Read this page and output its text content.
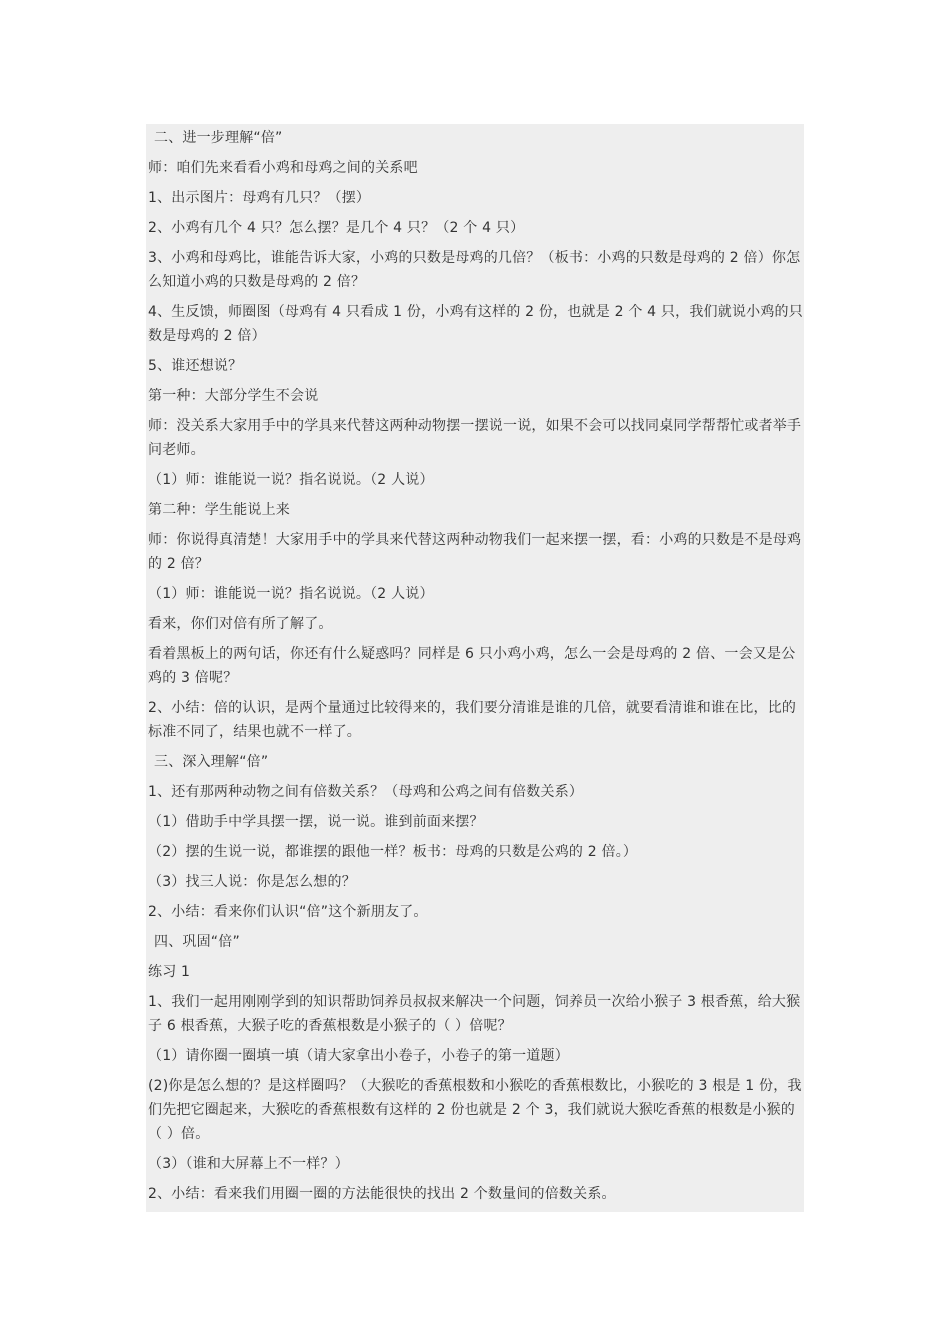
二、进一步理解“倍”

师：咱们先来看看小鸡和母鸡之间的关系吧

1、出示图片：母鸡有几只？（摆）

2、小鸡有几个 4 只？怎么摆？是几个 4 只？（2 个 4 只）

3、小鸡和母鸡比，谁能告诉大家，小鸡的只数是母鸡的几倍？（板书：小鸡的只数是母鸡的 2 倍）你怎么知道小鸡的只数是母鸡的 2 倍？

4、生反馈，师圈图（母鸡有 4 只看成 1 份，小鸡有这样的 2 份，也就是 2 个 4 只，我们就说小鸡的只数是母鸡的 2 倍）

5、谁还想说？

第一种：大部分学生不会说

师：没关系大家用手中的学具来代替这两种动物摆一摆说一说，如果不会可以找同桌同学帮帮忙或者举手问老师。

（1）师：谁能说一说？指名说说。（2 人说）

第二种：学生能说上来

师：你说得真清楚！大家用手中的学具来代替这两种动物我们一起来摆一摆，看：小鸡的只数是不是母鸡的 2 倍？

（1）师：谁能说一说？指名说说。（2 人说）

看来，你们对倍有所了解了。

看着黑板上的两句话，你还有什么疑惑吗？同样是 6 只小鸡小鸡，怎么一会是母鸡的 2 倍、一会又是公鸡的 3 倍呢？

2、小结：倍的认识，是两个量通过比较得来的，我们要分清谁是谁的几倍，就要看清谁和谁在比，比的标准不同了，结果也就不一样了。

三、深入理解“倍”

1、还有那两种动物之间有倍数关系？（母鸡和公鸡之间有倍数关系）

（1）借助手中学具摆一摆，说一说。谁到前面来摆？

（2）摆的生说一说，都谁摆的跟他一样？板书：母鸡的只数是公鸡的 2 倍。）

（3）找三人说：你是怎么想的？

2、小结：看来你们认识“倍”这个新朋友了。

四、巩固“倍”

练习 1

1、我们一起用刚刚学到的知识帮助饲养员叔叔来解决一个问题，饲养员一次给小猴子 3 根香蕉，给大猴子 6 根香蕉，大猴子吃的香蕉根数是小猴子的（ ）倍呢？

（1）请你圈一圈填一填（请大家拿出小卷子，小卷子的第一道题）

(2)你是怎么想的？是这样圈吗？（大猴吃的香蕉根数和小猴吃的香蕉根数比，小猴吃的 3 根是 1 份，我们先把它圈起来，大猴吃的香蕉根数有这样的 2 份也就是 2 个 3，我们就说大猴吃香蕉的根数是小猴的（ ）倍。

（3）（谁和大屏幕上不一样？）

2、小结：看来我们用圈一圈的方法能很快的找出 2 个数量间的倍数关系。
